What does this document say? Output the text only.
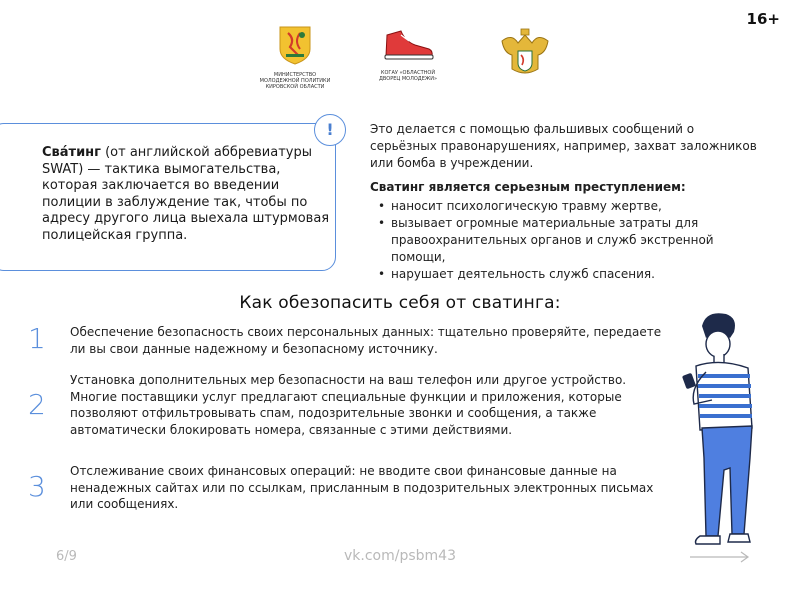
16+
МИНИСТЕРСТВО
МОЛОДЕЖНОЙ ПОЛИТИКИ
КИРОВСКОЙ ОБЛАСТИ
КОГАУ «ОБЛАСТНОЙ
ДВОРЕЦ МОЛОДЕЖИ»
!
Сва́тинг (от английской аббревиатуры SWAT) — тактика вымогательства, которая заключается во введении полиции в заблуждение так, чтобы по адресу другого лица выехала штурмовая полицейская группа.
Это делается с помощью фальшивых сообщений о серьёзных правонарушениях, например, захват заложников или бомба в учреждении.
Сватинг является серьезным преступлением:
• наносит психологическую травму жертве,
• вызывает огромные материальные затраты для правоохранительных органов и служб экстренной помощи,
• нарушает деятельность служб спасения.
Как обезопасить себя от сватинга:
1 Обеспечение безопасность своих персональных данных: тщательно проверяйте, передаете ли вы свои данные надежному и безопасному источнику.
2
Установка дополнительных мер безопасности на ваш телефон или другое устройство. Многие поставщики услуг предлагают специальные функции и приложения, которые позволяют отфильтровывать спам, подозрительные звонки и сообщения, а также автоматически блокировать номера, связанные с этими действиями.
3 Отслеживание своих финансовых операций: не вводите свои финансовые данные на ненадежных сайтах или по ссылкам, присланным в подозрительных электронных письмах или сообщениях.
6/9	vk.com/psbm43
